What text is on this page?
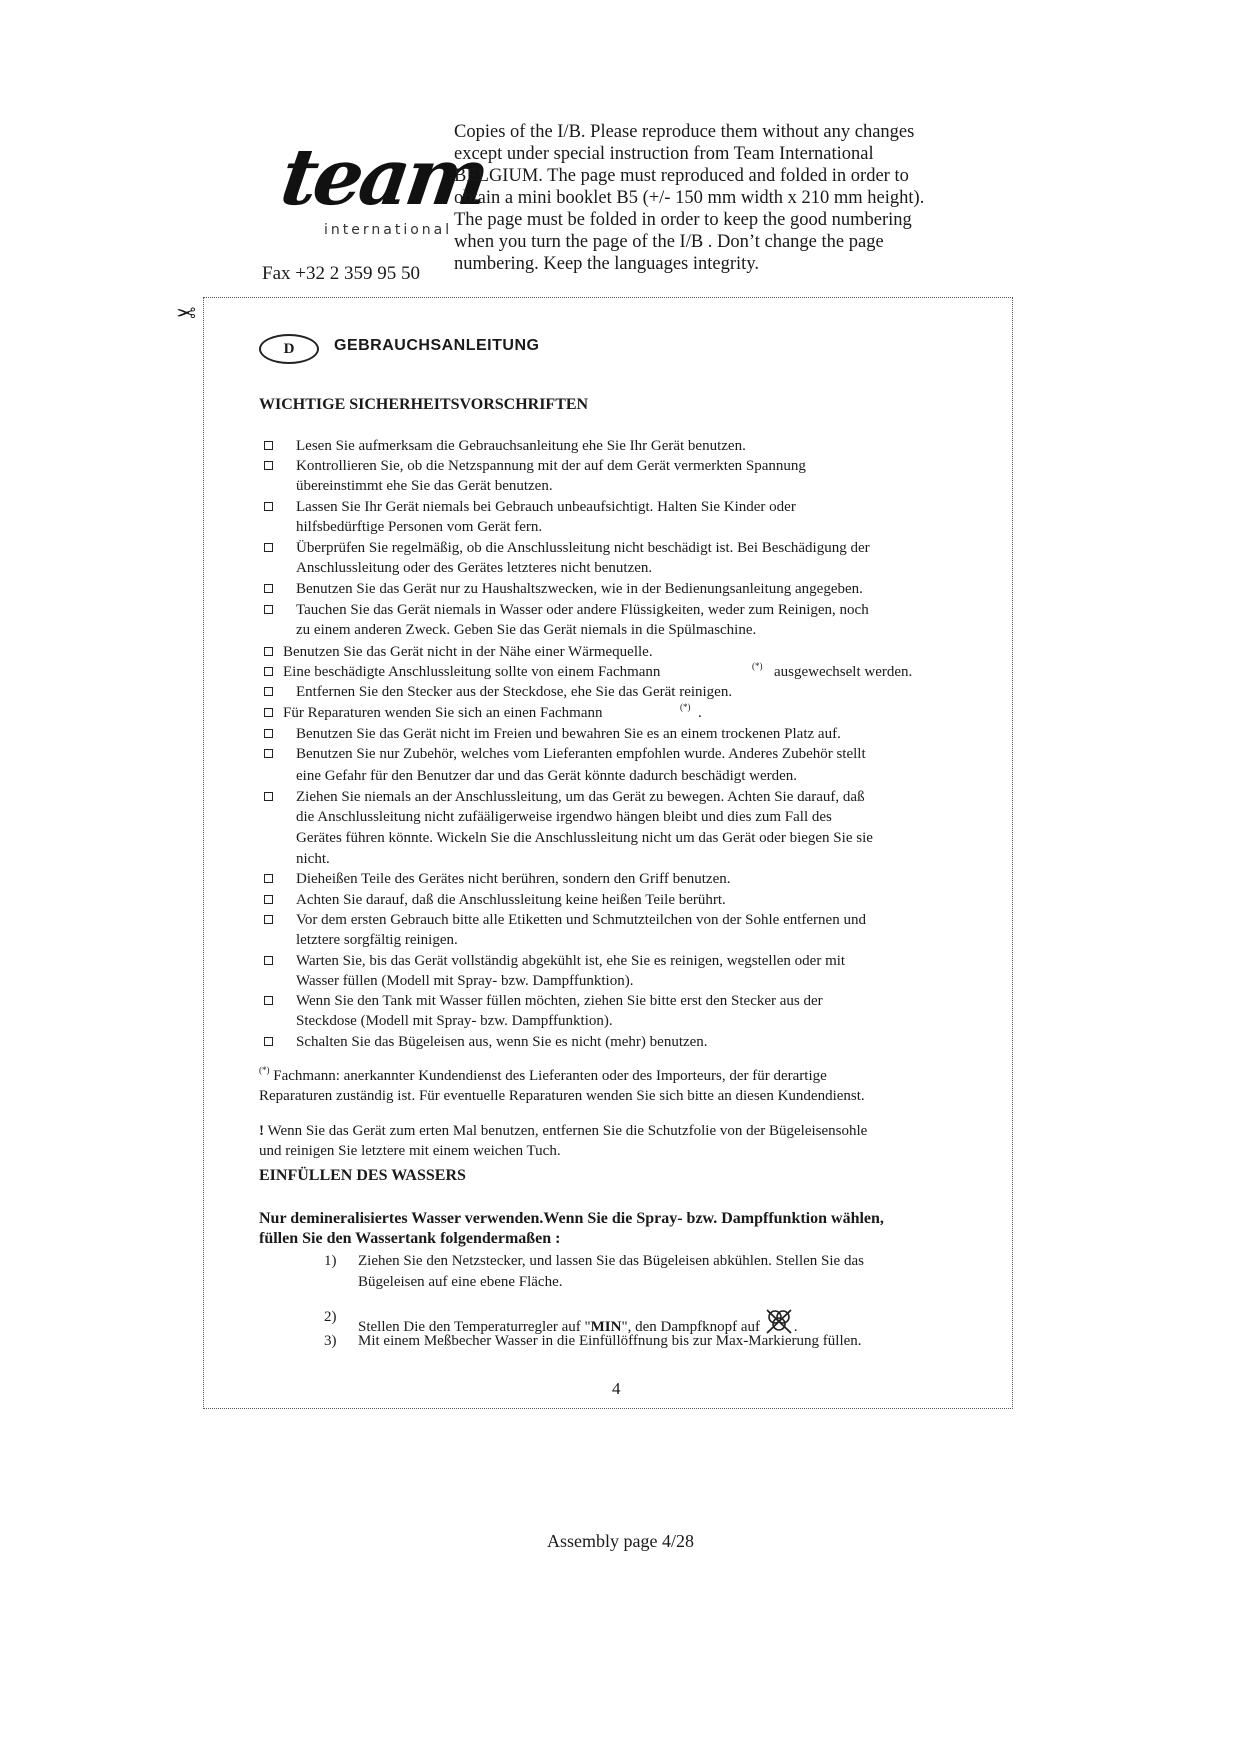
team
international
Fax +32 2 359 95 50
Copies of the I/B. Please reproduce them without any changes
except under special instruction from Team International
BELGIUM. The page must reproduced and folded in order to
obtain a mini booklet B5 (+/- 150 mm width x 210 mm height).
The page must be folded in order to keep the good numbering
when you turn the page of the I/B . Don’t change the page
numbering. Keep the languages integrity.
✂
D	GEBRAUCHSANLEITUNG
WICHTIGE SICHERHEITSVORSCHRIFTEN
Lesen Sie aufmerksam die Gebrauchsanleitung ehe Sie Ihr Gerät benutzen.
Kontrollieren Sie, ob die Netzspannung mit der auf dem Gerät vermerkten Spannung
übereinstimmt ehe Sie das Gerät benutzen.
Lassen Sie Ihr Gerät niemals bei Gebrauch unbeaufsichtigt. Halten Sie Kinder oder
hilfsbedürftige Personen vom Gerät fern.
Überprüfen Sie regelmäßig, ob die Anschlussleitung nicht beschädigt ist. Bei Beschädigung der
Anschlussleitung oder des Gerätes letzteres nicht benutzen.
Benutzen Sie das Gerät nur zu Haushaltszwecken, wie in der Bedienungsanleitung angegeben.
Tauchen Sie das Gerät niemals in Wasser oder andere Flüssigkeiten, weder zum Reinigen, noch
zu einem anderen Zweck. Geben Sie das Gerät niemals in die Spülmaschine.
Benutzen Sie das Gerät nicht in der Nähe einer Wärmequelle.
Eine beschädigte Anschlussleitung sollte von einem Fachmann	(*) ausgewechselt werden.
Entfernen Sie den Stecker aus der Steckdose, ehe Sie das Gerät reinigen.
Für Reparaturen wenden Sie sich an einen Fachmann	(*) .
Benutzen Sie das Gerät nicht im Freien und bewahren Sie es an einem trockenen Platz auf.
Benutzen Sie nur Zubehör, welches vom Lieferanten empfohlen wurde. Anderes Zubehör stellt
eine Gefahr für den Benutzer dar und das Gerät könnte dadurch beschädigt werden.
Ziehen Sie niemals an der Anschlussleitung, um das Gerät zu bewegen. Achten Sie darauf, daß
die Anschlussleitung nicht zufääligerweise irgendwo hängen bleibt und dies zum Fall des
Gerätes führen könnte. Wickeln Sie die Anschlussleitung nicht um das Gerät oder biegen Sie sie
nicht.
Dieheißen Teile des Gerätes nicht berühren, sondern den Griff benutzen.
Achten Sie darauf, daß die Anschlussleitung keine heißen Teile berührt.
Vor dem ersten Gebrauch bitte alle Etiketten und Schmutzteilchen von der Sohle entfernen und
letztere sorgfältig reinigen.
Warten Sie, bis das Gerät vollständig abgekühlt ist, ehe Sie es reinigen, wegstellen oder mit
Wasser füllen (Modell mit Spray- bzw. Dampffunktion).
Wenn Sie den Tank mit Wasser füllen möchten, ziehen Sie bitte erst den Stecker aus der
Steckdose (Modell mit Spray- bzw. Dampffunktion).
Schalten Sie das Bügeleisen aus, wenn Sie es nicht (mehr) benutzen.
(*) Fachmann: anerkannter Kundendienst des Lieferanten oder des Importeurs, der für derartige
Reparaturen zuständig ist. Für eventuelle Reparaturen wenden Sie sich bitte an diesen Kundendienst.
! Wenn Sie das Gerät zum erten Mal benutzen, entfernen Sie die Schutzfolie von der Bügeleisensohle
und reinigen Sie letztere mit einem weichen Tuch.
EINFÜLLEN DES WASSERS
Nur demineralisiertes Wasser verwenden.Wenn Sie die Spray- bzw. Dampffunktion wählen,
füllen Sie den Wassertank folgendermaßen :
1) Ziehen Sie den Netzstecker, und lassen Sie das Bügeleisen abkühlen. Stellen Sie das
Bügeleisen auf eine ebene Fläche.
2)
Stellen Die den Temperaturregler auf "MIN", den Dampfknopf auf .
3) Mit einem Meßbecher Wasser in die Einfüllöffnung bis zur Max-Markierung füllen.
4
Assembly page 4/28
